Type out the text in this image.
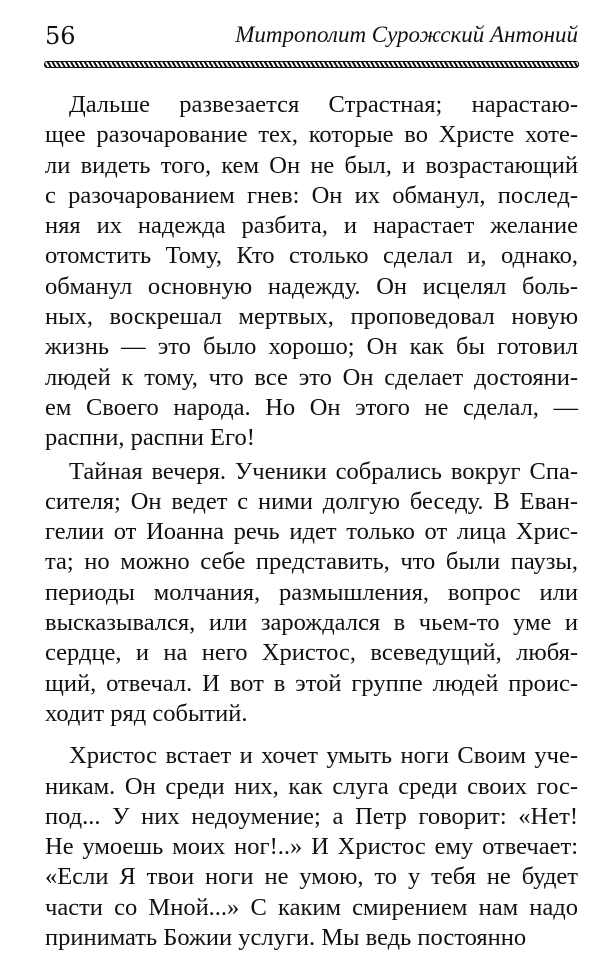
56	Митрополит Сурожский Антоний
Дальше развезается Страстная; нарастаю-
щее разочарование тех, которые во Христе хоте-
ли видеть того, кем Он не был, и возрастающий
с разочарованием гнев: Он их обманул, послед-
няя их надежда разбита, и нарастает желание
отомстить Тому, Кто столько сделал и, однако,
обманул основную надежду. Он исцелял боль-
ных, воскрешал мертвых, проповедовал новую
жизнь — это было хорошо; Он как бы готовил
людей к тому, что все это Он сделает достояни-
ем Своего народа. Но Он этого не сделал, —
распни, распни Его!
Тайная вечеря. Ученики собрались вокруг Спа-
сителя; Он ведет с ними долгую беседу. В Еван-
гелии от Иоанна речь идет только от лица Хрис-
та; но можно себе представить, что были паузы,
периоды молчания, размышления, вопрос или
высказывался, или зарождался в чьем-то уме и
сердце, и на него Христос, всеведущий, любя-
щий, отвечал. И вот в этой группе людей проис-
ходит ряд событий.
Христос встает и хочет умыть ноги Своим уче-
никам. Он среди них, как слуга среди своих гос-
под... У них недоумение; а Петр говорит: «Нет!
Не умоешь моих ног!..» И Христос ему отвечает:
«Если Я твои ноги не умою, то у тебя не будет
части со Мной...» С каким смирением нам надо
принимать Божии услуги. Мы ведь постоянно
